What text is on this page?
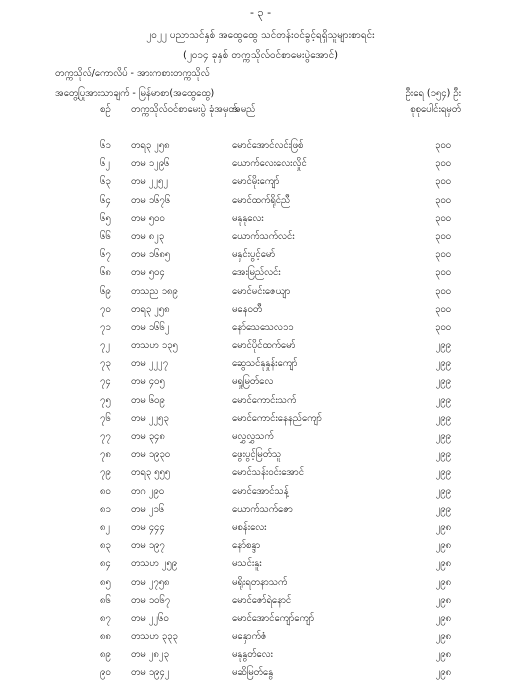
- ၃ -
၂၀၂၂ ပညာသင်နှစ် အထွေထွေ သင်တန်းဝင်ခွင့်ရရှိသူများစာရင်း
(၂၀၁၄ ခုနှစ် တက္ကသိုလ်ဝင်စာမေးပွဲအောင်)
တက္ကသိုလ်/ကောလိပ် - အားကစားတက္ကသိုလ်
အတွေ့ပြုအားသာချက် - မြန်မာစာ(အထွေထွေ)	ဦးရေ (၁၅၄) ဦး
စဉ် တက္ကသိုလ်ဝင်စာမေးပွဲ ခုံအမှတ်
အမည်	စုစုပေါင်းရမှတ်
၆၁ တရ၃ ၂၅၈	မောင်အောင်လင်းဖြစ်	၃၀၀
၆၂ တမ ၁၂၉၆	ယောက်လေးလေးလှိုင်	၃၀၀
၆၃ တမ ၂၂၅၂	မောင်မိုးကျော်	၃၀၀
၆၄ တမ ၁၆၇၆	မောင်ထက်ရိုင်ညီ	၃၀၀
၆၅ တမ ၅၀၀	မနုနုလေး	၃၀၀
၆၆ တမ ၈၂၃	ယောက်သက်လင်း	၃၀၀
၆၇ တမ ၁၆၈၅	မနှင်းပွင့်မော်	၃၀၀
၆၈ တမ ၅၀၄	အေးမြည်လင်း	၃၀၀
၆၉ တသည ၁၈၉	မောင်မင်းဇေယျာ	၃၀၀
၇၀ တရ၃ ၂၅၈	မနေဝတီ	၃၀၀
၇၁ တမ ၁၆၆၂	နော်သေသေလ၁၁	၃၀၀
၇၂ တသဟ ၁၃၅	မောင်ပိုင်ထက်မော်	၂၉၉
၇၃ တမ ၂၂၂၇	ဆွေသင်နုနှုန်းကျော်	၂၉၉
၇၄ တမ ၄၀၅	မရှုမြတ်လေ	၂၉၉
၇၅ တမ ၆၀၉	မောင်ကောင်းသက်	၂၉၉
၇၆ တမ ၂၂၅၃	မောင်ကောင်းနေနည်ကျော်	၂၉၉
၇၇ တမ ၃၄၈	မလွှလွှသက်	၂၉၉
၇၈ တမ ၁၉၃၀	ဖွေးပွင့်မြတ်သူ	၂၉၉
၇၉ တရ၃ ၅၅၅	မောင်သန်းဝင်းအောင်	၂၉၉
၈၀ တဂ ၂၉၀	မောင်အောင်သန့်	၂၉၉
၈၁ တမ ၂၁၆	ယောက်သက်ဇော	၂၉၉
၈၂ တမ ၄၄၄	မစန်းလေး	၂၉၈
၈၃ တမ ၁၉၇	နော်စန္ဒာ	၂၉၈
၈၄ တသဟ ၂၅၉	မသင်းနူး	၂၉၈
၈၅ တမ ၂၇၅၈	မရိုးရတနာသက်	၂၉၈
၈၆ တမ ၁၀၆၇	မောင်ဇော်ရဲနောင်	၂၉၈
၈၇ တမ ၂၂၆၀	မောင်အောင်ကျော်ကျော်	၂၉၈
၈၈ တသဟ ၃၃၃	မနှောက်ဇံ	၂၉၈
၈၉ တမ ၂၈၂၃	မနုနွတ်လေး	၂၉၈
၉၀ တမ ၁၉၄၂	မဆိမြတ်နွေ	၂၉၈
